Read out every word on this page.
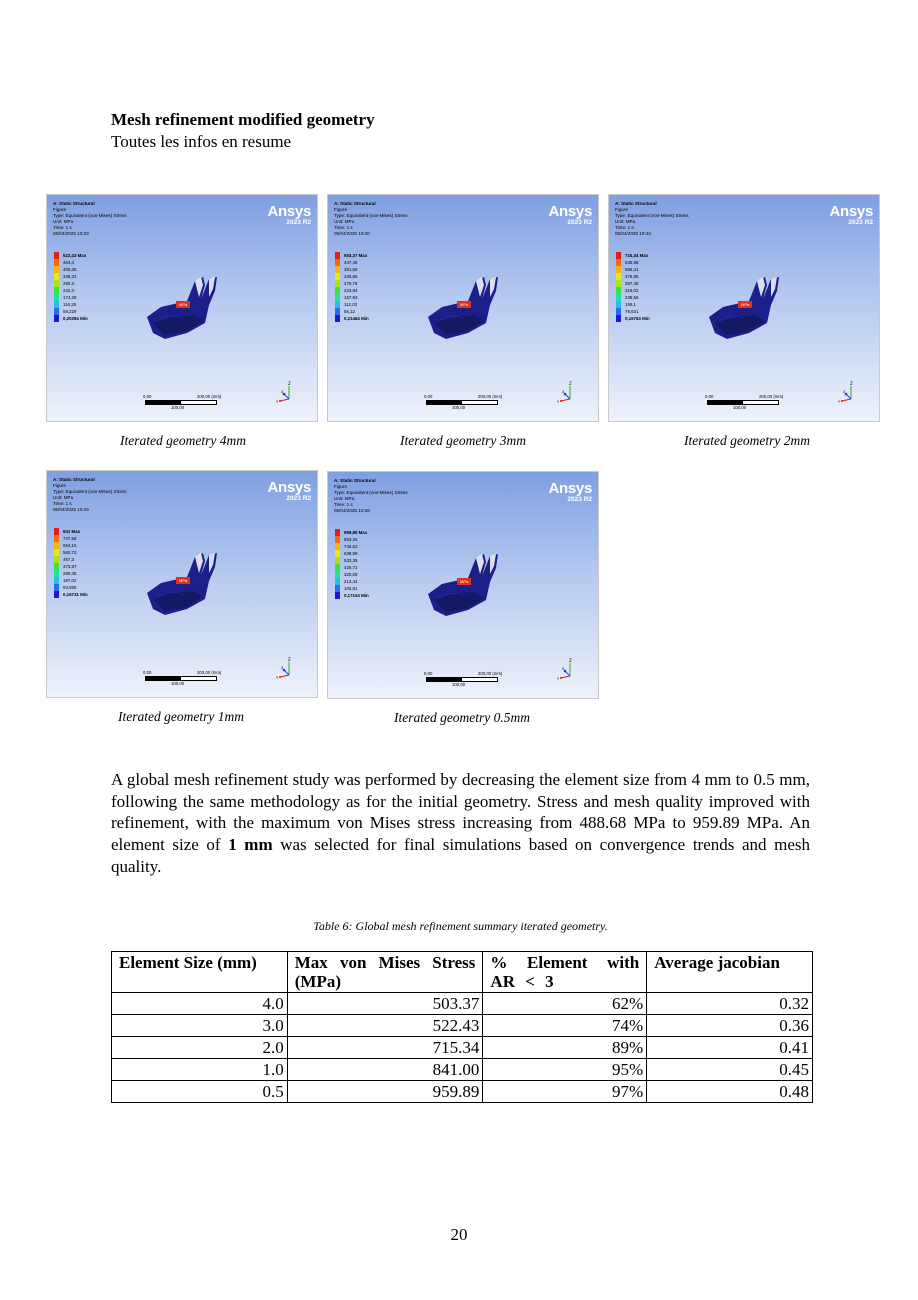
Mesh refinement modified geometry
Toutes les infos en resume
A: Static Structural
Figure
Type: Equivalent (von-Mises) Stress
Unit: MPa
Time: 1 s
06/04/2025 10:33
Ansys
2023 R2
522,43 Max
464,4
406,36
348,33
290,3
232,3
174,28
116,25
58,229
0,20394 Min
MPa
0,00	200,00 (mm)
100,00
Z
Y
X
Iterated geometry 4mm
A: Static Structural
Figure
Type: Equivalent (von-Mises) Stress
Unit: MPa
Time: 1 s
06/04/2025 10:40
Ansys
2023 R2
503,37 Max
447,46
391,56
335,65
279,76
223,84
167,93
112,03
56,12
0,21464 Min
MPa
0,00	200,00 (mm)
100,00
Z
Y
X
Iterated geometry 3mm
A: Static Structural
Figure
Type: Equivalent (von-Mises) Stress
Unit: MPa
Time: 1 s
06/04/2025 10:43
Ansys
2023 R2
715,34 Max
635,88
556,41
476,95
397,49
318,02
238,56
159,1
79,631
0,16763 Min
MPa
0,00	200,00 (mm)
100,00
Z
Y
X
Iterated geometry 2mm
A: Static Structural
Figure
Type: Equivalent (von-Mises) Stress
Unit: MPa
Time: 1 s
06/04/2025 10:49
Ansys
2023 R2
841 Max
747,58
654,15
560,72
467,3
373,87
280,45
187,02
93,595
0,16731 Min
MPa
0,00	200,00 (mm)
100,00
Z
Y
X
Iterated geometry 1mm
A: Static Structural
Figure
Type: Equivalent (von-Mises) Stress
Unit: MPa
Time: 1 s
06/04/2025 10:58
Ansys
2023 R2
959,89 Max
853,26
746,62
639,99
533,35
426,71
320,08
213,44
106,81
0,17104 Min
MPa
0,00	200,00 (mm)
100,00
Z
Y
X
Iterated geometry 0.5mm
A global mesh refinement study was performed by decreasing the element size from 4 mm to 0.5 mm, following the same methodology as for the initial geometry. Stress and mesh quality improved with refinement, with the maximum von Mises stress increasing from 488.68 MPa to 959.89 MPa. An element size of 1 mm was selected for final simulations based on convergence trends and mesh quality.
Table 6: Global mesh refinement summary iterated geometry.
Element Size (mm)	Max von Mises Stress (MPa)	% Element with AR < 3	Average jacobian
4.0	503.37	62%	0.32
3.0	522.43	74%	0.36
2.0	715.34	89%	0.41
1.0	841.00	95%	0.45
0.5	959.89	97%	0.48
20
